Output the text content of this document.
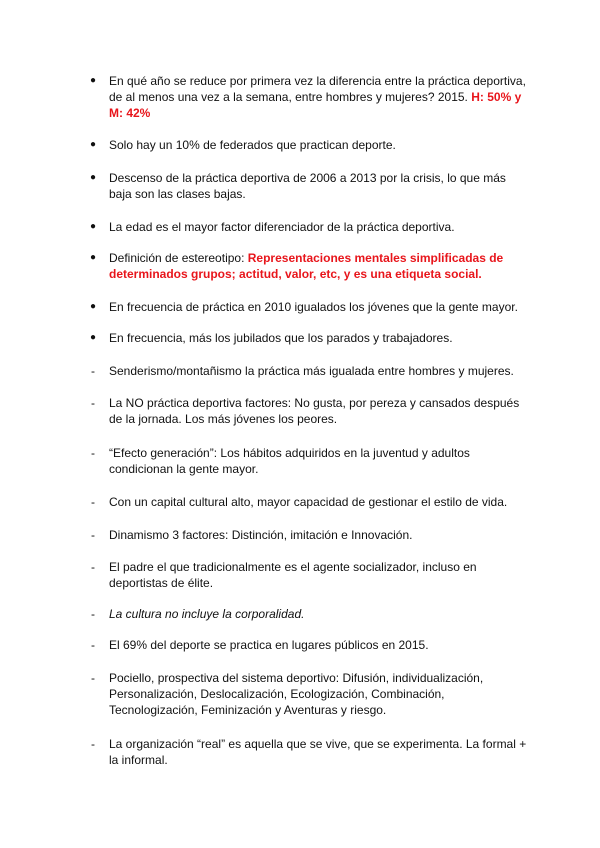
●	En qué año se reduce por primera vez la diferencia entre la práctica deportiva, de al menos una vez a la semana, entre hombres y mujeres? 2015. H: 50% y M: 42%
●	Solo hay un 10% de federados que practican deporte.
●	Descenso de la práctica deportiva de 2006 a 2013 por la crisis, lo que más baja son las clases bajas.
●	La edad es el mayor factor diferenciador de la práctica deportiva.
●	Definición de estereotipo: Representaciones mentales simplificadas de determinados grupos; actitud, valor, etc, y es una etiqueta social.
●	En frecuencia de práctica en 2010 igualados los jóvenes que la gente mayor.
●	En frecuencia, más los jubilados que los parados y trabajadores.
-	Senderismo/montañismo la práctica más igualada entre hombres y mujeres.
-	La NO práctica deportiva factores: No gusta, por pereza y cansados después de la jornada. Los más jóvenes los peores.
-	“Efecto generación”: Los hábitos adquiridos en la juventud y adultos condicionan la gente mayor.
-	Con un capital cultural alto, mayor capacidad de gestionar el estilo de vida.
-	Dinamismo 3 factores: Distinción, imitación e Innovación.
-	El padre el que tradicionalmente es el agente socializador, incluso en deportistas de élite.
-	La cultura no incluye la corporalidad.
-	El 69% del deporte se practica en lugares públicos en 2015.
-	Pociello, prospectiva del sistema deportivo: Difusión, individualización, Personalización, Deslocalización, Ecologización, Combinación, Tecnologización, Feminización y Aventuras y riesgo.
-	La organización “real” es aquella que se vive, que se experimenta. La formal + la informal.
